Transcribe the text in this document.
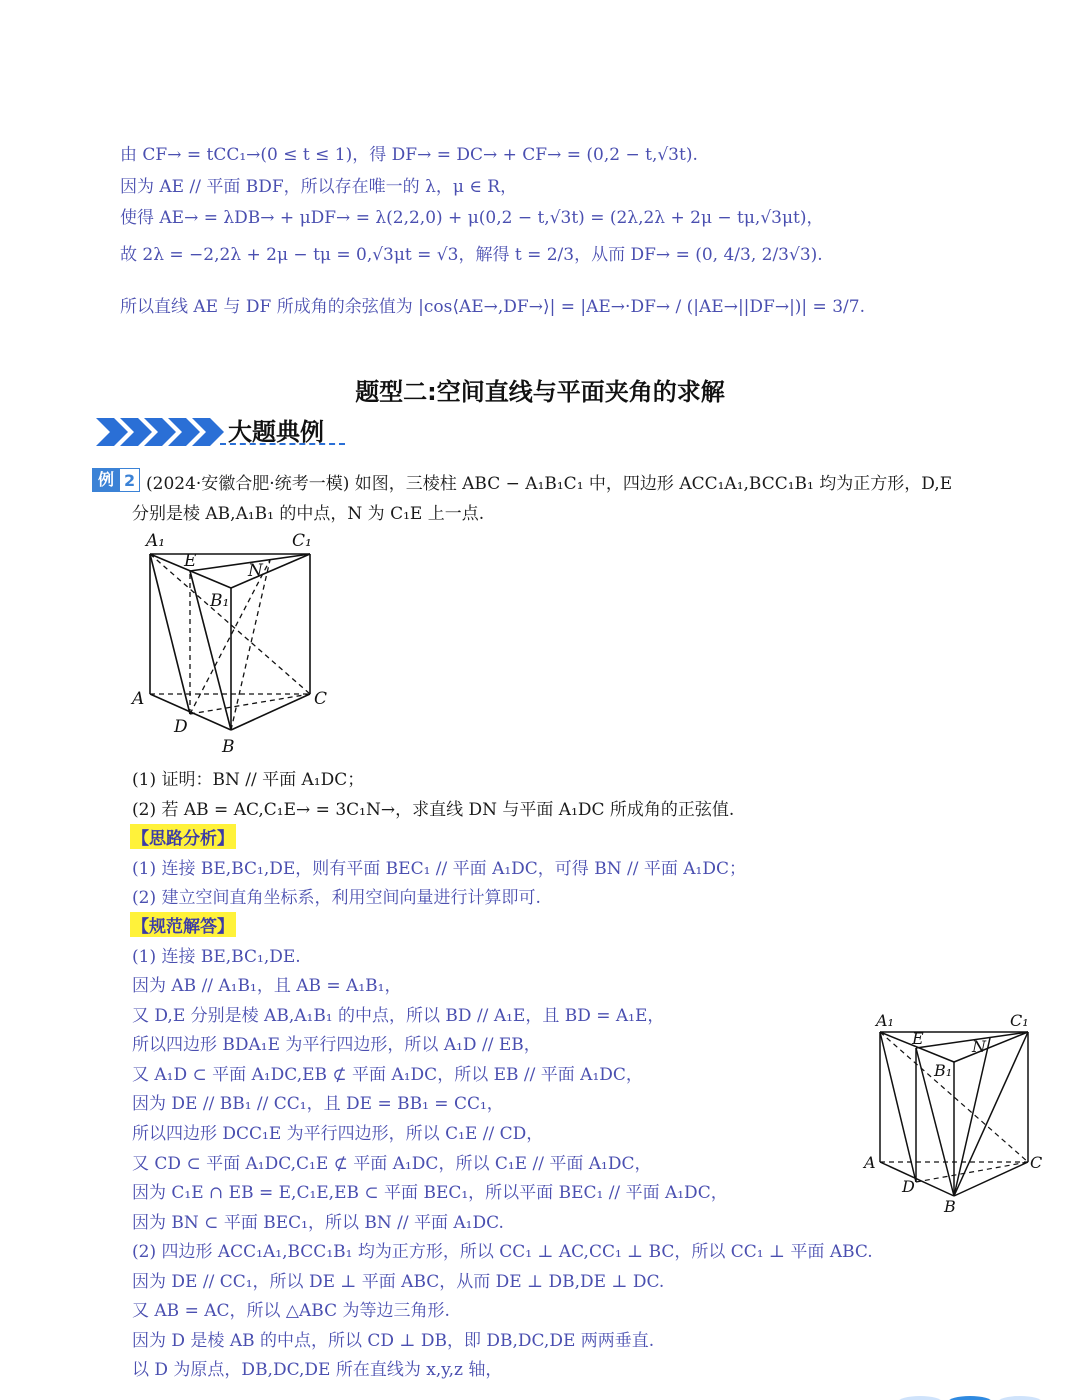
由 CF→ = tCC₁→(0 ≤ t ≤ 1)，得 DF→ = DC→ + CF→ = (0,2 − t,√3t).
因为 AE // 平面 BDF，所以存在唯一的 λ，μ ∈ R，
使得 AE→ = λDB→ + μDF→ = λ(2,2,0) + μ(0,2 − t,√3t) = (2λ,2λ + 2μ − tμ,√3μt)，
故 2λ = −2,2λ + 2μ − tμ = 0,√3μt = √3，解得 t = 2/3，从而 DF→ = (0, 4/3, 2/3√3).
所以直线 AE 与 DF 所成角的余弦值为 |cos⟨AE→,DF→⟩| = |AE→·DF→ / (|AE→||DF→|)| = 3/7.
题型二:空间直线与平面夹角的求解
大题典例
例 2 (2024·安徽合肥·统考一模) 如图，三棱柱 ABC − A₁B₁C₁ 中，四边形 ACC₁A₁,BCC₁B₁ 均为正方形，D,E
分别是棱 AB,A₁B₁ 的中点，N 为 C₁E 上一点.
A₁	C₁
E	N
B₁
A	C
D
B
(1) 证明：BN // 平面 A₁DC；
(2) 若 AB = AC,C₁E→ = 3C₁N→，求直线 DN 与平面 A₁DC 所成角的正弦值.
【思路分析】
(1) 连接 BE,BC₁,DE，则有平面 BEC₁ // 平面 A₁DC，可得 BN // 平面 A₁DC；
(2) 建立空间直角坐标系，利用空间向量进行计算即可.
【规范解答】
(1) 连接 BE,BC₁,DE.
因为 AB // A₁B₁，且 AB = A₁B₁，
又 D,E 分别是棱 AB,A₁B₁ 的中点，所以 BD // A₁E，且 BD = A₁E，
所以四边形 BDA₁E 为平行四边形，所以 A₁D // EB，
又 A₁D ⊂ 平面 A₁DC,EB ⊄ 平面 A₁DC，所以 EB // 平面 A₁DC，
因为 DE // BB₁ // CC₁，且 DE = BB₁ = CC₁，
所以四边形 DCC₁E 为平行四边形，所以 C₁E // CD，
又 CD ⊂ 平面 A₁DC,C₁E ⊄ 平面 A₁DC，所以 C₁E // 平面 A₁DC，
因为 C₁E ∩ EB = E,C₁E,EB ⊂ 平面 BEC₁，所以平面 BEC₁ // 平面 A₁DC，
因为 BN ⊂ 平面 BEC₁，所以 BN // 平面 A₁DC.
(2) 四边形 ACC₁A₁,BCC₁B₁ 均为正方形，所以 CC₁ ⊥ AC,CC₁ ⊥ BC，所以 CC₁ ⊥ 平面 ABC.
因为 DE // CC₁，所以 DE ⊥ 平面 ABC，从而 DE ⊥ DB,DE ⊥ DC.
又 AB = AC，所以 △ABC 为等边三角形.
因为 D 是棱 AB 的中点，所以 CD ⊥ DB，即 DB,DC,DE 两两垂直.
以 D 为原点，DB,DC,DE 所在直线为 x,y,z 轴，
A₁	C₁
E	N
B₁
A	C
D
B
